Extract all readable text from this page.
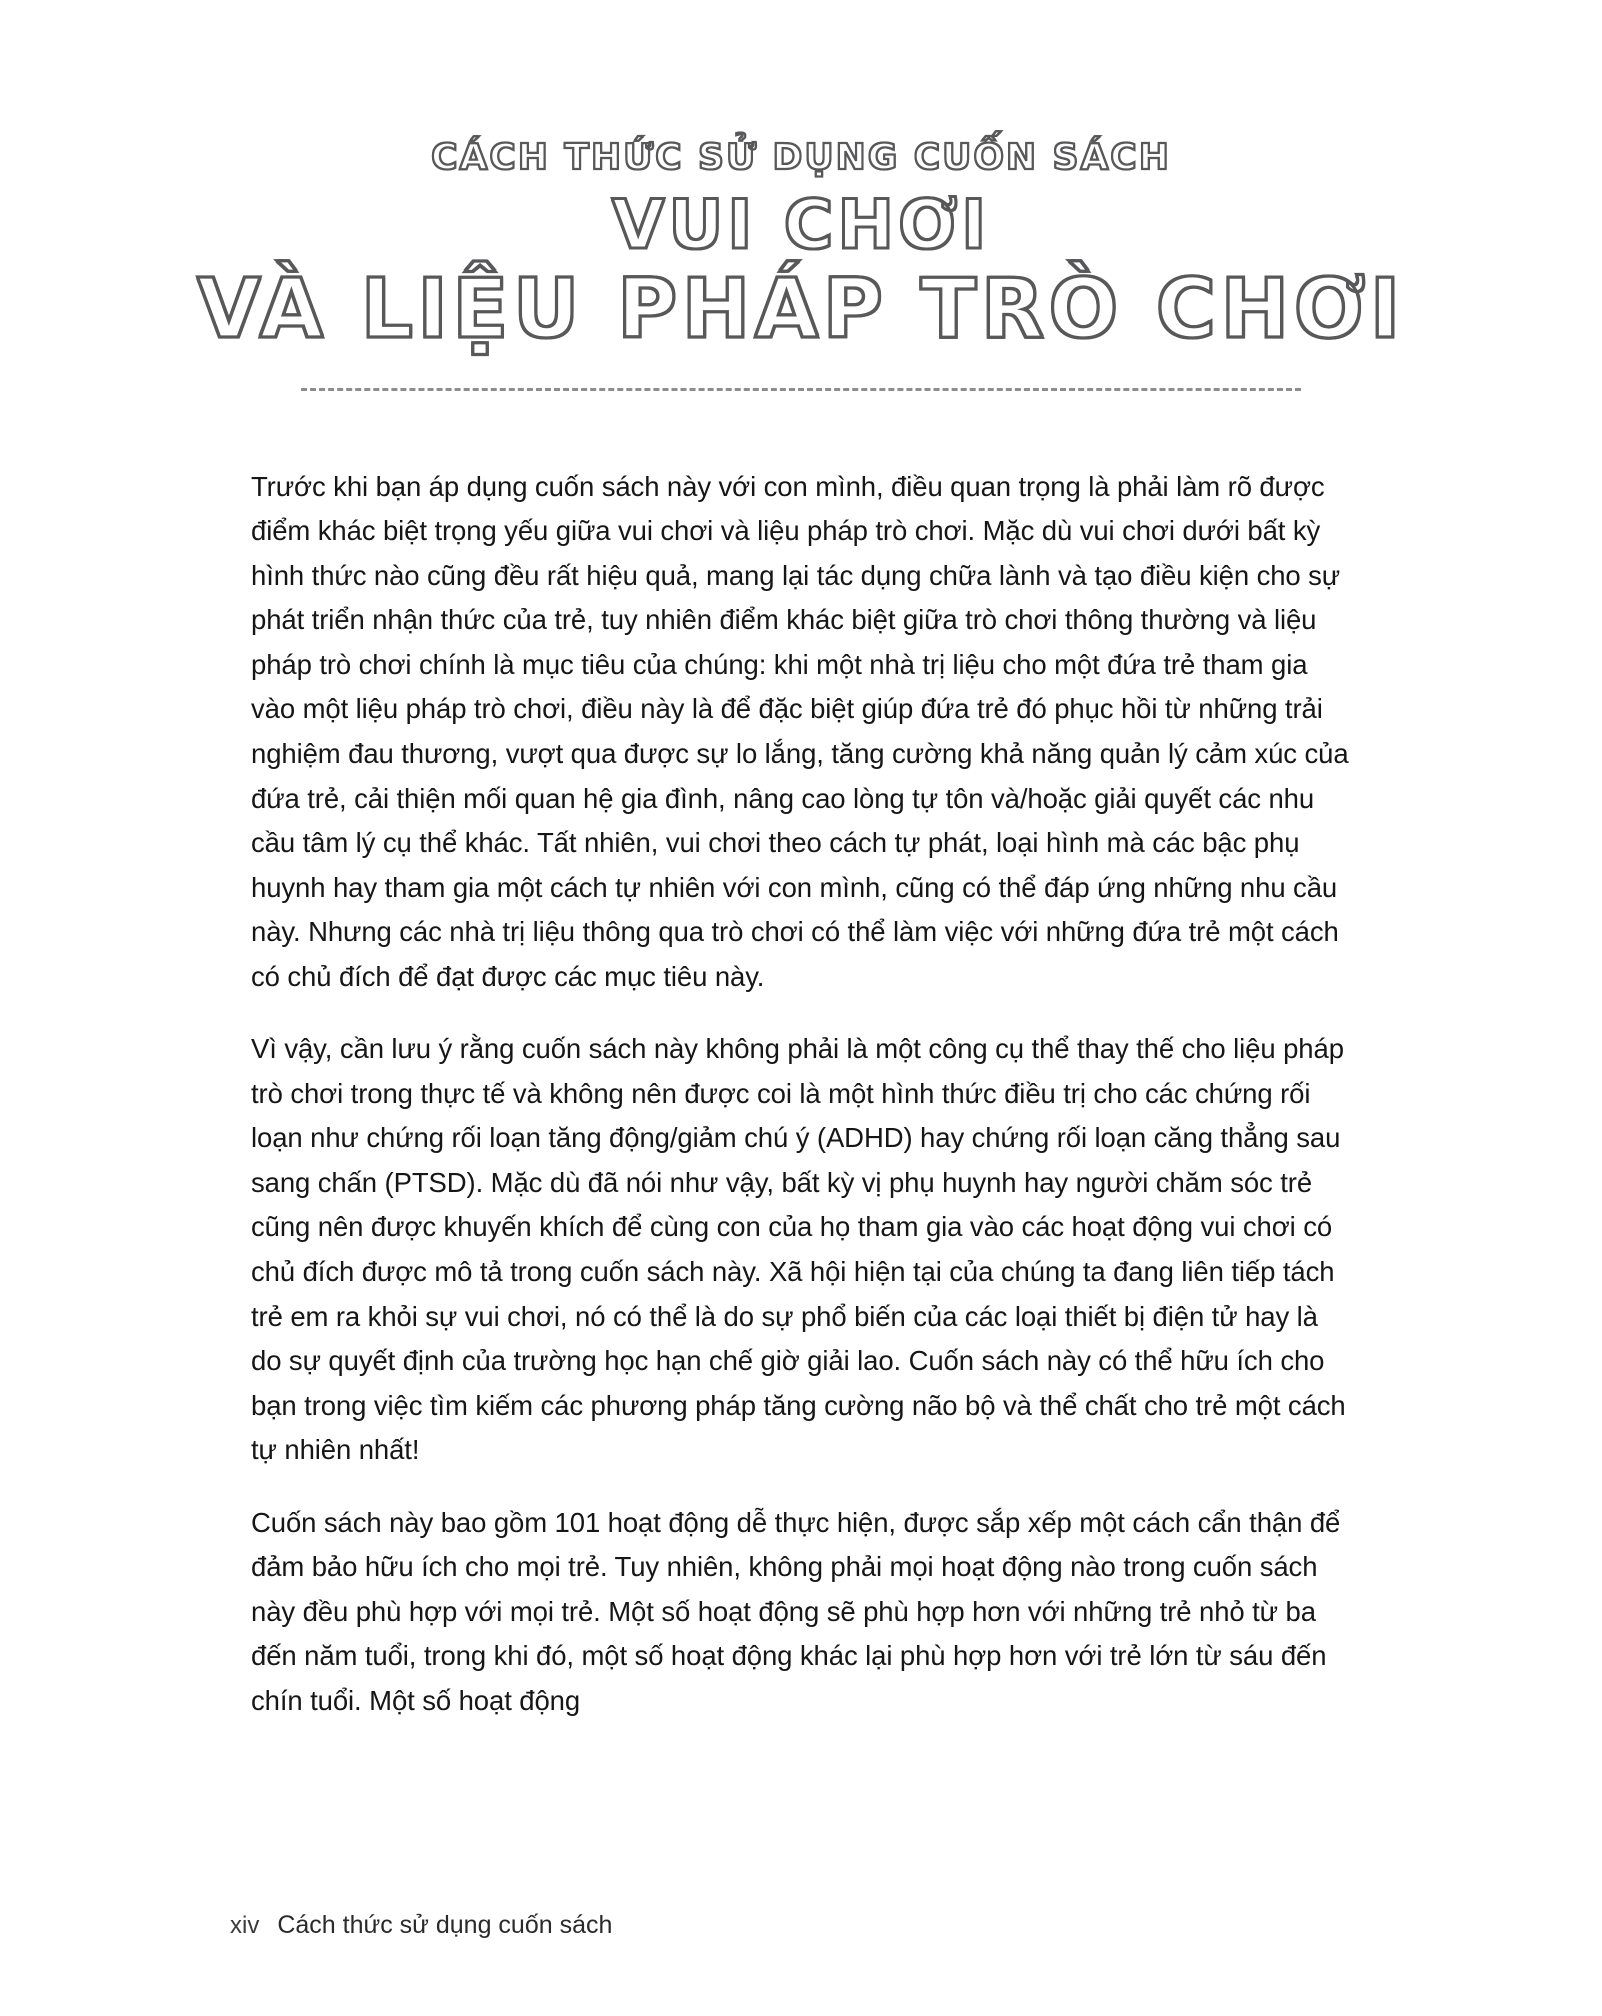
CÁCH THỨC SỬ DỤNG CUỐN SÁCH
VUI CHƠI
VÀ LIỆU PHÁP TRÒ CHƠI

Trước khi bạn áp dụng cuốn sách này với con mình, điều quan trọng là phải làm rõ được điểm khác biệt trọng yếu giữa vui chơi và liệu pháp trò chơi. Mặc dù vui chơi dưới bất kỳ hình thức nào cũng đều rất hiệu quả, mang lại tác dụng chữa lành và tạo điều kiện cho sự phát triển nhận thức của trẻ, tuy nhiên điểm khác biệt giữa trò chơi thông thường và liệu pháp trò chơi chính là mục tiêu của chúng: khi một nhà trị liệu cho một đứa trẻ tham gia vào một liệu pháp trò chơi, điều này là để đặc biệt giúp đứa trẻ đó phục hồi từ những trải nghiệm đau thương, vượt qua được sự lo lắng, tăng cường khả năng quản lý cảm xúc của đứa trẻ, cải thiện mối quan hệ gia đình, nâng cao lòng tự tôn và/hoặc giải quyết các nhu cầu tâm lý cụ thể khác. Tất nhiên, vui chơi theo cách tự phát, loại hình mà các bậc phụ huynh hay tham gia một cách tự nhiên với con mình, cũng có thể đáp ứng những nhu cầu này. Nhưng các nhà trị liệu thông qua trò chơi có thể làm việc với những đứa trẻ một cách có chủ đích để đạt được các mục tiêu này.

Vì vậy, cần lưu ý rằng cuốn sách này không phải là một công cụ thể thay thế cho liệu pháp trò chơi trong thực tế và không nên được coi là một hình thức điều trị cho các chứng rối loạn như chứng rối loạn tăng động/giảm chú ý (ADHD) hay chứng rối loạn căng thẳng sau sang chấn (PTSD). Mặc dù đã nói như vậy, bất kỳ vị phụ huynh hay người chăm sóc trẻ cũng nên được khuyến khích để cùng con của họ tham gia vào các hoạt động vui chơi có chủ đích được mô tả trong cuốn sách này. Xã hội hiện tại của chúng ta đang liên tiếp tách trẻ em ra khỏi sự vui chơi, nó có thể là do sự phổ biến của các loại thiết bị điện tử hay là do sự quyết định của trường học hạn chế giờ giải lao. Cuốn sách này có thể hữu ích cho bạn trong việc tìm kiếm các phương pháp tăng cường não bộ và thể chất cho trẻ một cách tự nhiên nhất!

Cuốn sách này bao gồm 101 hoạt động dễ thực hiện, được sắp xếp một cách cẩn thận để đảm bảo hữu ích cho mọi trẻ. Tuy nhiên, không phải mọi hoạt động nào trong cuốn sách này đều phù hợp với mọi trẻ. Một số hoạt động sẽ phù hợp hơn với những trẻ nhỏ từ ba đến năm tuổi, trong khi đó, một số hoạt động khác lại phù hợp hơn với trẻ lớn từ sáu đến chín tuổi. Một số hoạt động

xiv Cách thức sử dụng cuốn sách
